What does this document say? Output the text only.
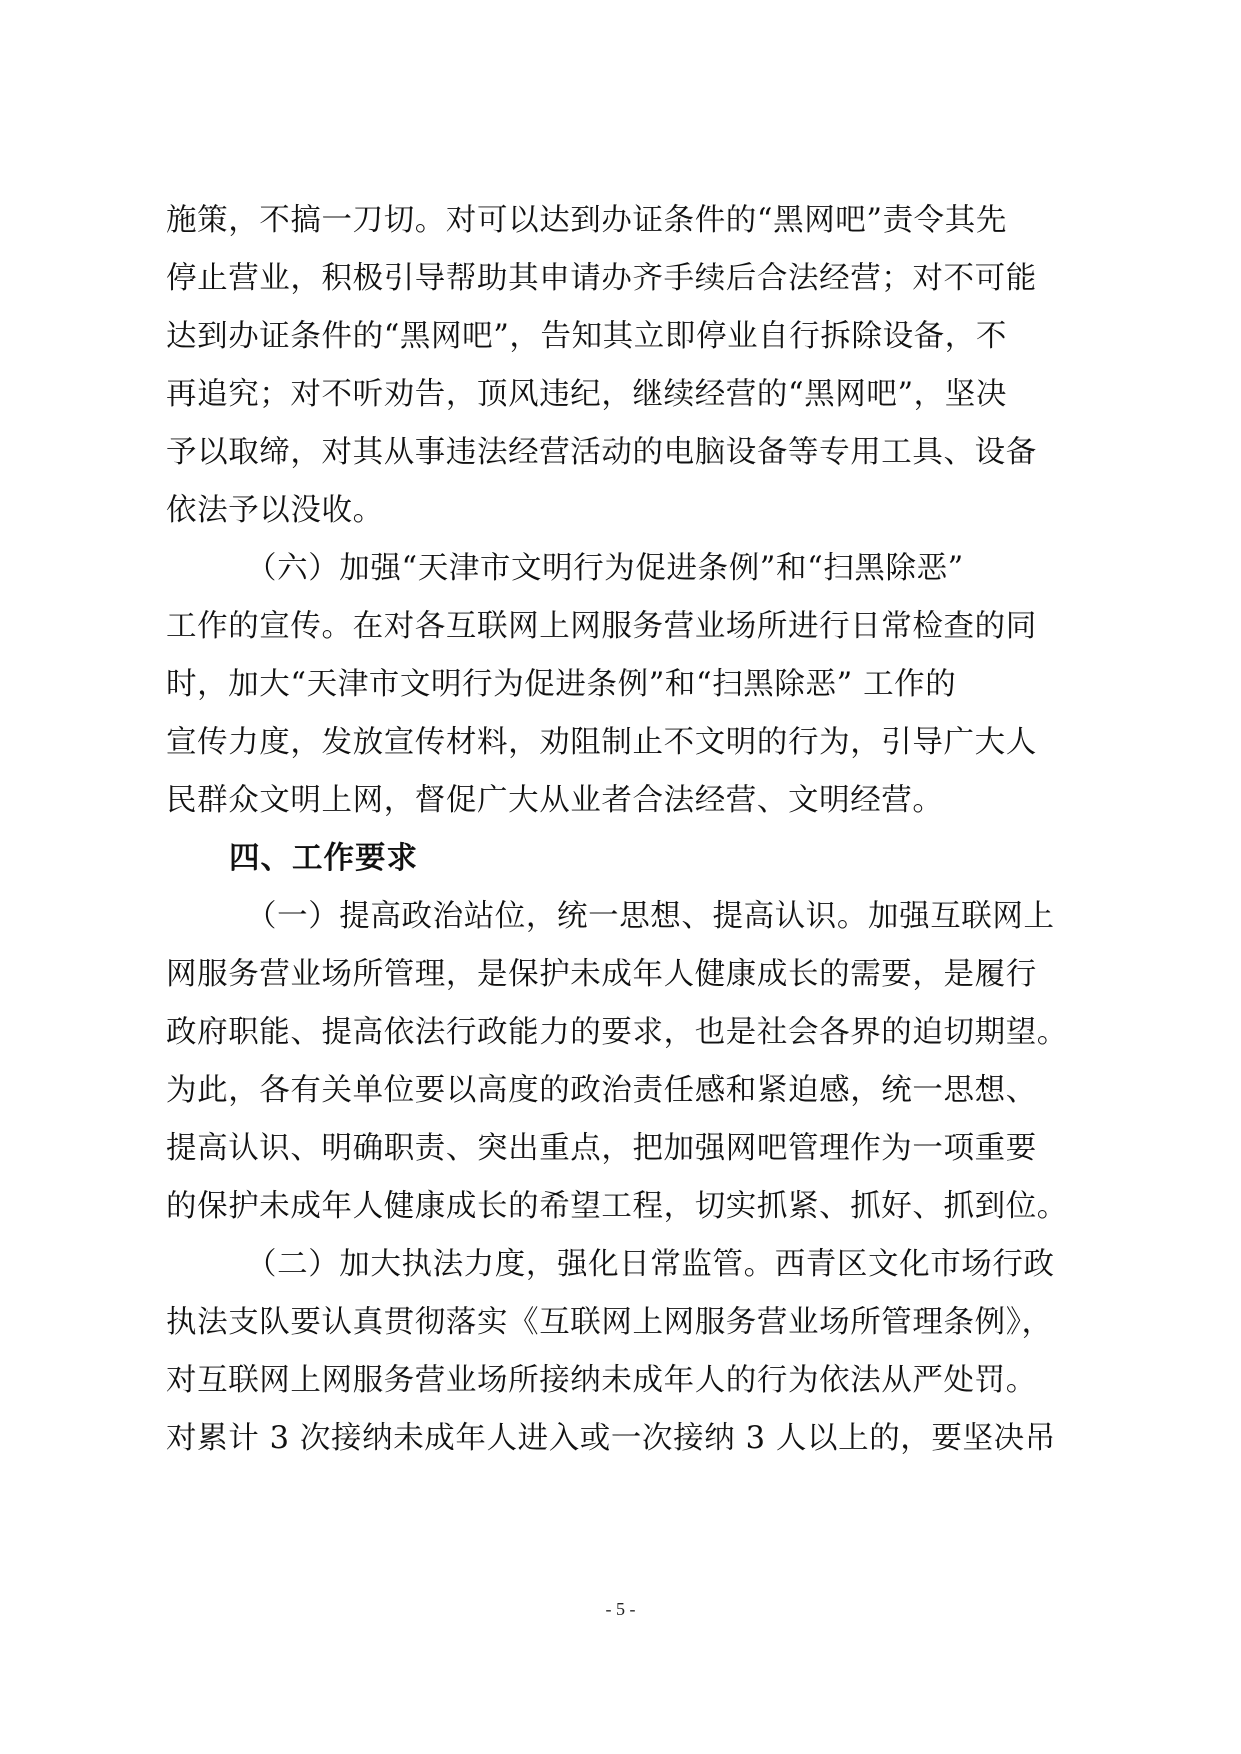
施策，不搞一刀切。对可以达到办证条件的“黑网吧”责令其先
停止营业，积极引导帮助其申请办齐手续后合法经营；对不可能
达到办证条件的“黑网吧”，告知其立即停业自行拆除设备，不
再追究；对不听劝告，顶风违纪，继续经营的“黑网吧”，坚决
予以取缔，对其从事违法经营活动的电脑设备等专用工具、设备
依法予以没收。
（六）加强“天津市文明行为促进条例”和“扫黑除恶”
工作的宣传。在对各互联网上网服务营业场所进行日常检查的同
时，加大“天津市文明行为促进条例”和“扫黑除恶” 工作的
宣传力度，发放宣传材料，劝阻制止不文明的行为，引导广大人
民群众文明上网，督促广大从业者合法经营、文明经营。
四、工作要求
（一）提高政治站位，统一思想、提高认识。加强互联网上
网服务营业场所管理，是保护未成年人健康成长的需要，是履行
政府职能、提高依法行政能力的要求，也是社会各界的迫切期望。
为此，各有关单位要以高度的政治责任感和紧迫感，统一思想、
提高认识、明确职责、突出重点，把加强网吧管理作为一项重要
的保护未成年人健康成长的希望工程，切实抓紧、抓好、抓到位。
（二）加大执法力度，强化日常监管。西青区文化市场行政
执法支队要认真贯彻落实《互联网上网服务营业场所管理条例》，
对互联网上网服务营业场所接纳未成年人的行为依法从严处罚。
对累计 3 次接纳未成年人进入或一次接纳 3 人以上的，要坚决吊
- 5 -
